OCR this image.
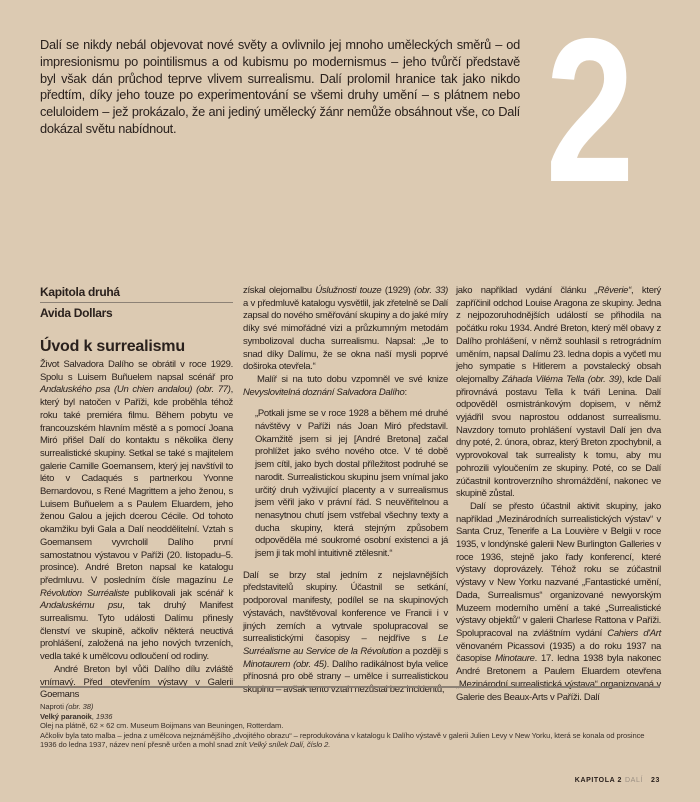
2

Dalí se nikdy nebál objevovat nové světy a ovlivnilo jej mnoho uměleckých směrů – od impresionismu po pointilismus a od kubismu po modernismus – jeho tvůrčí představě byl však dán průchod teprve vlivem surrealismu. Dalí prolomil hranice tak jako nikdo předtím, díky jeho touze po experimentování se všemi druhy umění – s plátnem nebo celuloidem – jež prokázalo, že ani jediný umělecký žánr nemůže obsáhnout vše, co Dalí dokázal světu nabídnout.

Kapitola druhá
Avida Dollars
Úvod k surrealismu

Život Salvadora Dalího se obrátil v roce 1929. Spolu s Luisem Buñuelem napsal scénář pro Andaluského psa (Un chien andalou) (obr. 77), který byl natočen v Paříži, kde proběhla téhož roku také premiéra filmu. Během pobytu ve francouzském hlavním městě a s pomocí Joana Miró přišel Dalí do kontaktu s několika členy surrealistické skupiny. Setkal se také s majitelem galerie Camille Goemansem, který jej navštívil to léto v Cadaqués s partnerkou Yvonne Bernardovou, s René Magrittem a jeho ženou, s Luisem Buñuelem a s Paulem Eluardem, jeho ženou Galou a jejich dcerou Cécile. Od tohoto okamžiku byli Gala a Dalí neoddělitelní. Vztah s Goemansem vyvrcholil Dalího první samostatnou výstavou v Paříži (20. listopadu–5. prosince). André Breton napsal ke katalogu předmluvu. V posledním čísle magazínu Le Révolution Surréaliste publikovali jak scénář k Andaluskému psu, tak druhý Manifest surrealismu. Tyto události Dalímu přinesly členství ve skupině, ačkoliv některá neuctivá prohlášení, založená na jeho nových tvrzeních, vedla také k umělcovu odloučení od rodiny.

André Breton byl vůči Dalího dílu zvláště vnímavý. Před otevřením výstavy v Galerii Goemans

získal olejomalbu Úslužnosti touze (1929) (obr. 33) a v předmluvě katalogu vysvětlil, jak zřetelně se Dalí zapsal do nového směřování skupiny a do jaké míry díky své mimořádné vizi a průzkumným metodám symbolizoval ducha surrealismu. Napsal: „Je to snad díky Dalímu, že se okna naší mysli poprvé doširoka otevřela.“

Malíř si na tuto dobu vzpomněl ve své knize Nevyslovitelná doznání Salvadora Dalího:

„Potkali jsme se v roce 1928 a během mé druhé návštěvy v Paříži nás Joan Miró představil. Okamžitě jsem si jej [André Bretona] začal prohlížet jako svého nového otce. V té době jsem cítil, jako bych dostal příležitost podruhé se narodit. Surrealistickou skupinu jsem vnímal jako určitý druh vyživující placenty a v surrealismus jsem věřil jako v právní řád. S neuvěřitelnou a nenasytnou chutí jsem vstřebal všechny texty a ducha skupiny, která stejným způsobem odpověděla mé soukromé osobní existenci a já jsem ji tak mohl intuitivně ztělesnit.“

Dalí se brzy stal jedním z nejslavnějších představitelů skupiny. Účastnil se setkání, podporoval manifesty, podílel se na skupinových výstavách, navštěvoval konference ve Francii i v jiných zemích a vytrvale spolupracoval se surrealistickými časopisy – nejdříve s Le Surréalisme au Service de la Révolution a později s Minotaurem (obr. 45). Dalího radikálnost byla velice přínosná pro obě strany – umělce i surrealistickou skupinu – avšak tento vztah nezůstal bez incidentů,

jako například vydání článku „Rêverie“, který zapříčinil odchod Louise Aragona ze skupiny. Jedna z nejpozoruhodnějších událostí se přihodila na počátku roku 1934. André Breton, který měl obavy z Dalího prohlášení, v němž souhlasil s retrográdním uměním, napsal Dalímu 23. ledna dopis a vyčetl mu jeho sympatie s Hitlerem a povstalecký obsah olejomalby Záhada Viléma Tella (obr. 39), kde Dalí přirovnává postavu Tella k tváři Lenina. Dalí odpověděl osmistránkovým dopisem, v němž vyjádřil svou naprostou oddanost surrealismu. Navzdory tomuto prohlášení vystavil Dalí jen dva dny poté, 2. února, obraz, který Breton zpochybnil, a vyprovokoval tak surrealisty k tomu, aby mu pohrozili vyloučením ze skupiny. Poté, co se Dalí zúčastnil kontroverzního shromáždění, nakonec ve skupině zůstal.

Dalí se přesto účastnil aktivit skupiny, jako například „Mezinárodních surrealistických výstav“ v Santa Cruz, Tenerife a La Louvière v Belgii v roce 1935, v londýnské galerii New Burlington Galleries v roce 1936, stejně jako řady konferencí, které výstavy doprovázely. Téhož roku se zúčastnil výstavy v New Yorku nazvané „Fantastické umění, Dada, Surrealismus“ organizované newyorským Muzeem moderního umění a také „Surrealistické výstavy objektů“ v galerii Charlese Rattona v Paříži. Spolupracoval na zvláštním vydání Cahiers d'Art věnovaném Picassovi (1935) a do roku 1937 na časopise Minotaure. 17. ledna 1938 byla nakonec André Bretonem a Paulem Eluardem otevřena „Mezinárodní surrealistická výstava“ organizovaná v Galerie des Beaux-Arts v Paříži. Dalí

Naproti (obr. 38)
Velký paranoik, 1936
Olej na plátně, 62 × 62 cm. Museum Boijmans van Beuningen, Rotterdam.
Ačkoliv byla tato malba – jedna z umělcova nejznámějšího „dvojitého obrazu“ – reprodukována v katalogu k Dalího výstavě v galerii Julien Levy v New Yorku, která se konala od prosince
1936 do ledna 1937, název není přesně určen a mohl snad znít Velký snílek Dalí, číslo 2.
KAPITOLA 2 DALÍ 23
